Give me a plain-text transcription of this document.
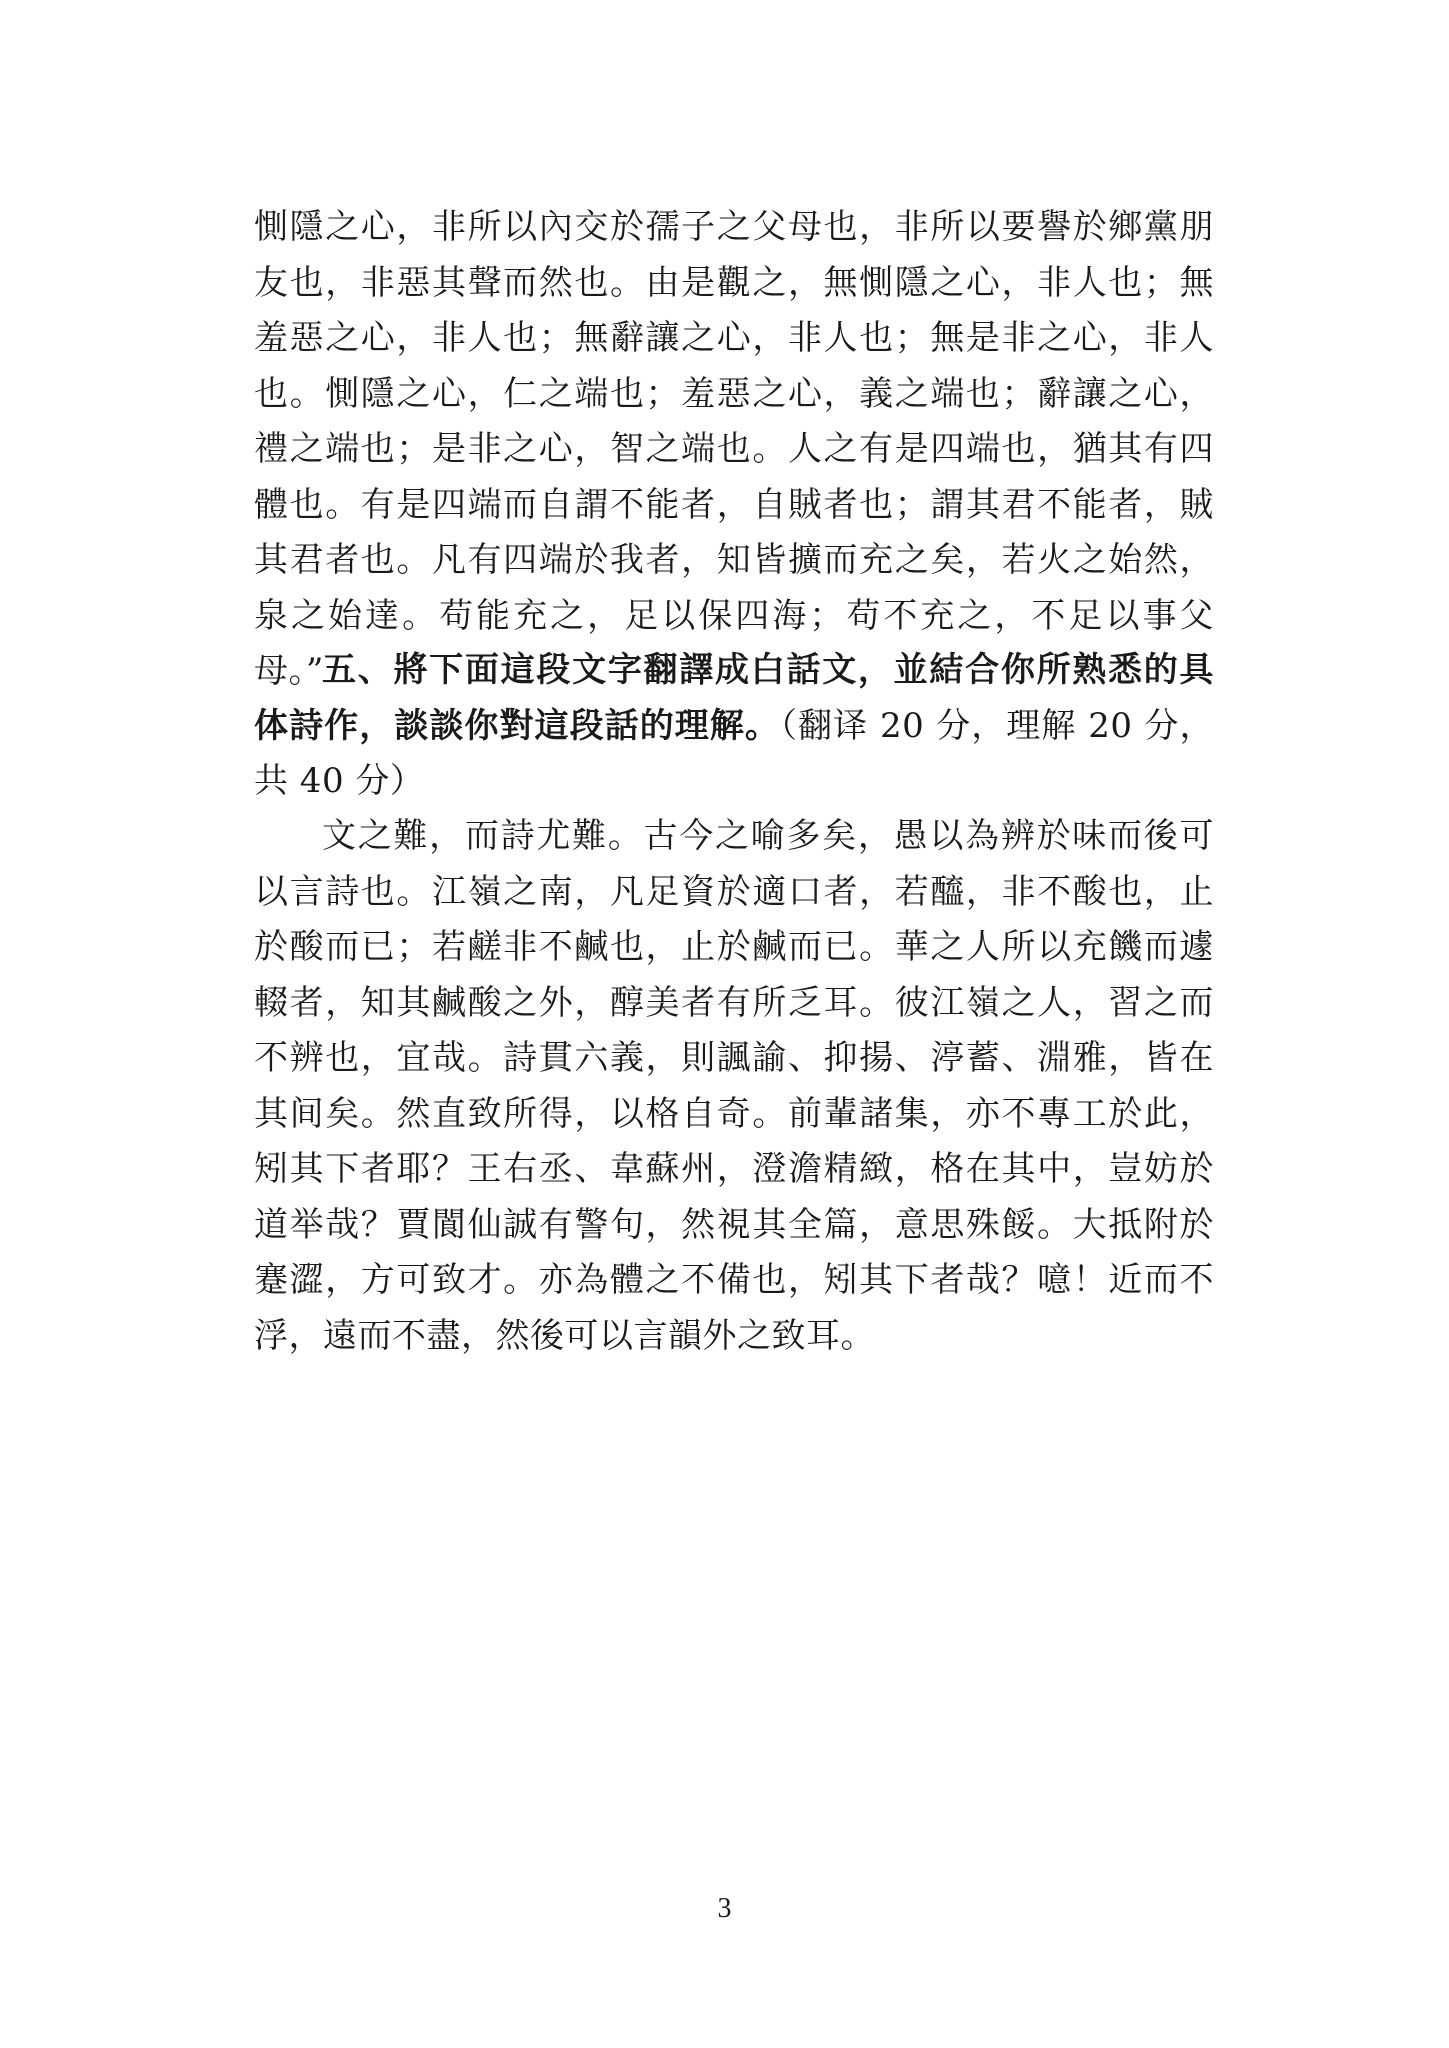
惻隱之心，非所以內交於孺子之父母也，非所以要譽於鄉黨朋友也，非惡其聲而然也。由是觀之，無惻隱之心，非人也；無羞惡之心，非人也；無辭讓之心，非人也；無是非之心，非人也。惻隱之心，仁之端也；羞惡之心，義之端也；辭讓之心，禮之端也；是非之心，智之端也。人之有是四端也，猶其有四體也。有是四端而自謂不能者，自賊者也；謂其君不能者，賊其君者也。凡有四端於我者，知皆擴而充之矣，若火之始然，泉之始達。苟能充之，足以保四海；苟不充之，不足以事父母。”

五、將下面這段文字翻譯成白話文，並結合你所熟悉的具体詩作，談談你對這段話的理解。（翻译 20 分，理解 20 分，共 40 分）

文之難，而詩尤難。古今之喻多矣，愚以為辨於味而後可以言詩也。江嶺之南，凡足資於適口者，若醯，非不酸也，止於酸而已；若鹺非不鹹也，止於鹹而已。華之人所以充饑而遽輟者，知其鹹酸之外，醇美者有所乏耳。彼江嶺之人，習之而不辨也，宜哉。詩貫六義，則諷諭、抑揚、渟蓄、淵雅，皆在其间矣。然直致所得，以格自奇。前輩諸集，亦不專工於此，矧其下者耶？王右丞、韋蘇州，澄澹精緻，格在其中，豈妨於道举哉？賈閬仙誠有警句，然視其全篇，意思殊餒。大抵附於蹇澀，方可致才。亦為體之不備也，矧其下者哉？噫！近而不浮，遠而不盡，然後可以言韻外之致耳。

3
